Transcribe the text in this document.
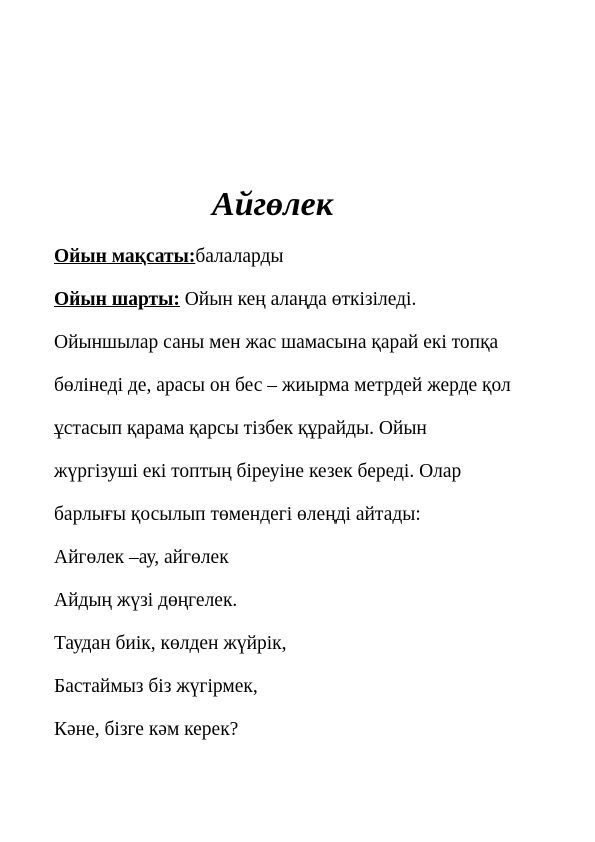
Айгөлек
Ойын мақсаты:балаларды
Ойын шарты: Ойын кең алаңда өткізіледі.
Ойыншылар саны мен жас шамасына қарай екі топқа
бөлінеді де, арасы он бес – жиырма метрдей жерде қол
ұстасып қарама қарсы тізбек құрайды. Ойын
жүргізуші екі топтың біреуіне кезек береді. Олар
барлығы қосылып төмендегі өлеңді айтады:
Айгөлек –ау, айгөлек
Айдың жүзі дөңгелек.
Таудан биік, көлден жүйрік,
Бастаймыз біз жүгірмек,
Кәне, бізге кәм керек?
